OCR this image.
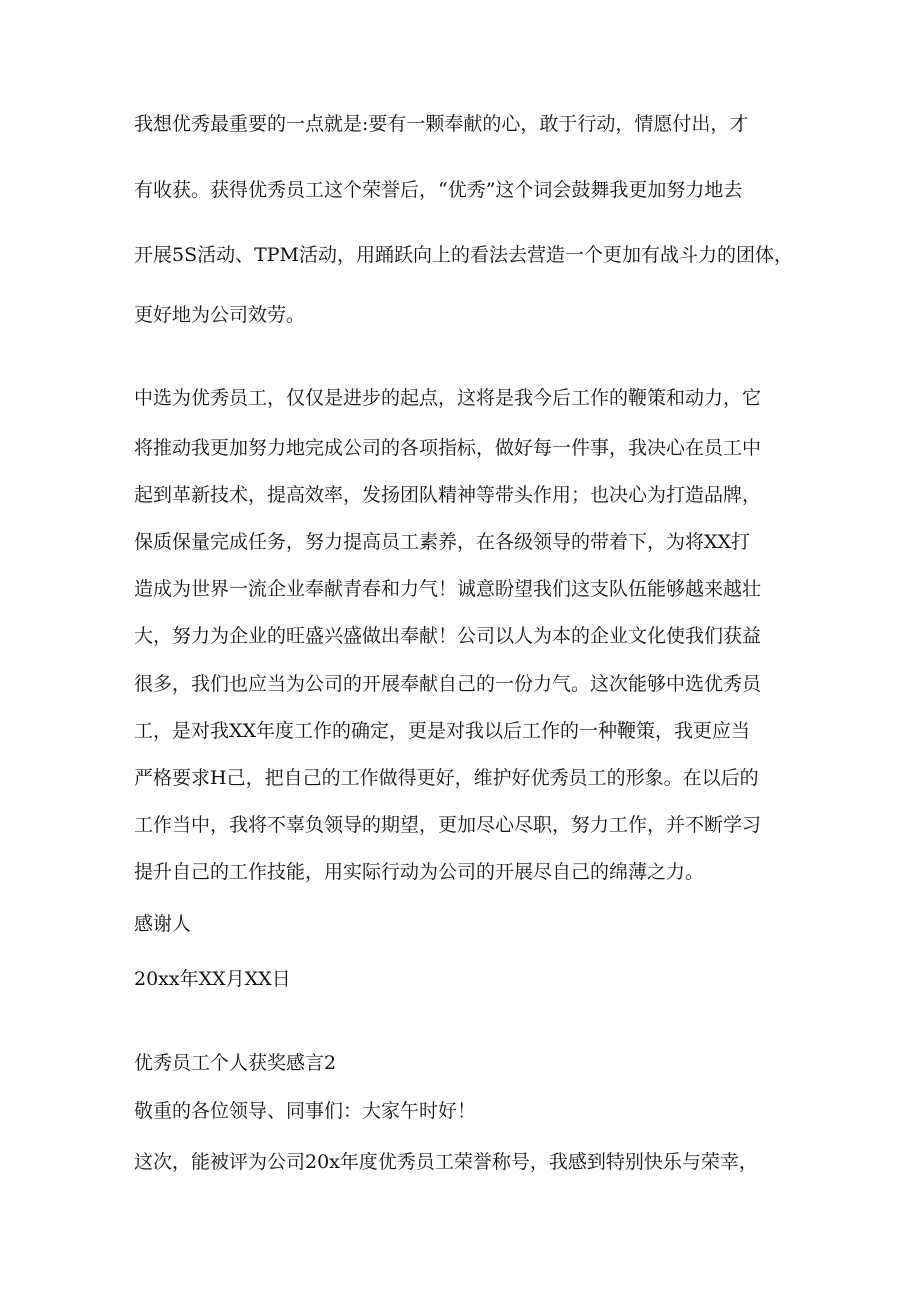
我想优秀最重要的一点就是:要有一颗奉献的心，敢于行动，情愿付出，才
有收获。获得优秀员工这个荣誉后，“优秀”这个词会鼓舞我更加努力地去
开展5S活动、TPM活动，用踊跃向上的看法去营造一个更加有战斗力的团体，
更好地为公司效劳。
中选为优秀员工，仅仅是进步的起点，这将是我今后工作的鞭策和动力，它
将推动我更加努力地完成公司的各项指标，做好每一件事，我决心在员工中
起到革新技术，提高效率，发扬团队精神等带头作用；也决心为打造品牌，
保质保量完成任务，努力提高员工素养，在各级领导的带着下，为将XX打
造成为世界一流企业奉献青春和力气！诚意盼望我们这支队伍能够越来越壮
大，努力为企业的旺盛兴盛做出奉献！公司以人为本的企业文化使我们获益
很多，我们也应当为公司的开展奉献自己的一份力气。这次能够中选优秀员
工，是对我XX年度工作的确定，更是对我以后工作的一种鞭策，我更应当
严格要求H己，把自己的工作做得更好，维护好优秀员工的形象。在以后的
工作当中，我将不辜负领导的期望，更加尽心尽职，努力工作，并不断学习
提升自己的工作技能，用实际行动为公司的开展尽自己的绵薄之力。
感谢人
20xx年XX月XX日
优秀员工个人获奖感言2
敬重的各位领导、同事们：大家午时好！
这次，能被评为公司20x年度优秀员工荣誉称号，我感到特别快乐与荣幸，
